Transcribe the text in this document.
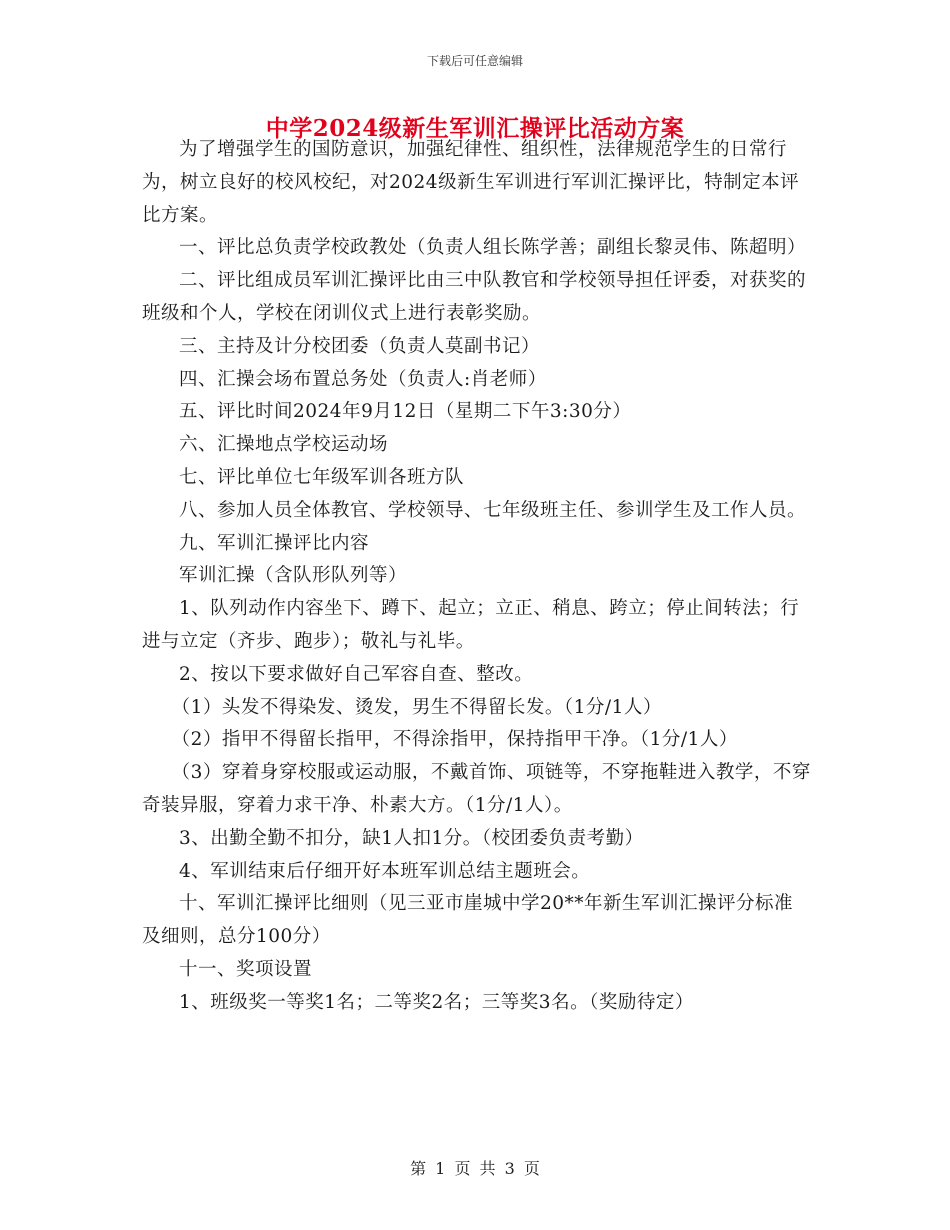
下载后可任意编辑
中学2024级新生军训汇操评比活动方案

为了增强学生的国防意识，加强纪律性、组织性，法律规范学生的日常行为，树立良好的校风校纪，对2024级新生军训进行军训汇操评比，特制定本评比方案。

一、评比总负责学校政教处（负责人组长陈学善；副组长黎灵伟、陈超明）

二、评比组成员军训汇操评比由三中队教官和学校领导担任评委，对获奖的班级和个人，学校在闭训仪式上进行表彰奖励。

三、主持及计分校团委（负责人莫副书记）

四、汇操会场布置总务处（负责人:肖老师）

五、评比时间2024年9月12日（星期二下午3:30分）

六、汇操地点学校运动场

七、评比单位七年级军训各班方队

八、参加人员全体教官、学校领导、七年级班主任、参训学生及工作人员。

九、军训汇操评比内容

军训汇操（含队形队列等）

1、队列动作内容坐下、蹲下、起立；立正、稍息、跨立；停止间转法；行进与立定（齐步、跑步）；敬礼与礼毕。

2、按以下要求做好自己军容自查、整改。

（1）头发不得染发、烫发，男生不得留长发。（1分/1人）

（2）指甲不得留长指甲，不得涂指甲，保持指甲干净。（1分/1人）

（3）穿着身穿校服或运动服，不戴首饰、项链等，不穿拖鞋进入教学，不穿奇装异服，穿着力求干净、朴素大方。（1分/1人）。

3、出勤全勤不扣分，缺1人扣1分。（校团委负责考勤）

4、军训结束后仔细开好本班军训总结主题班会。

十、军训汇操评比细则（见三亚市崖城中学20**年新生军训汇操评分标准及细则，总分100分）

十一、奖项设置

1、班级奖一等奖1名；二等奖2名；三等奖3名。（奖励待定）

第 1 页 共 3 页
